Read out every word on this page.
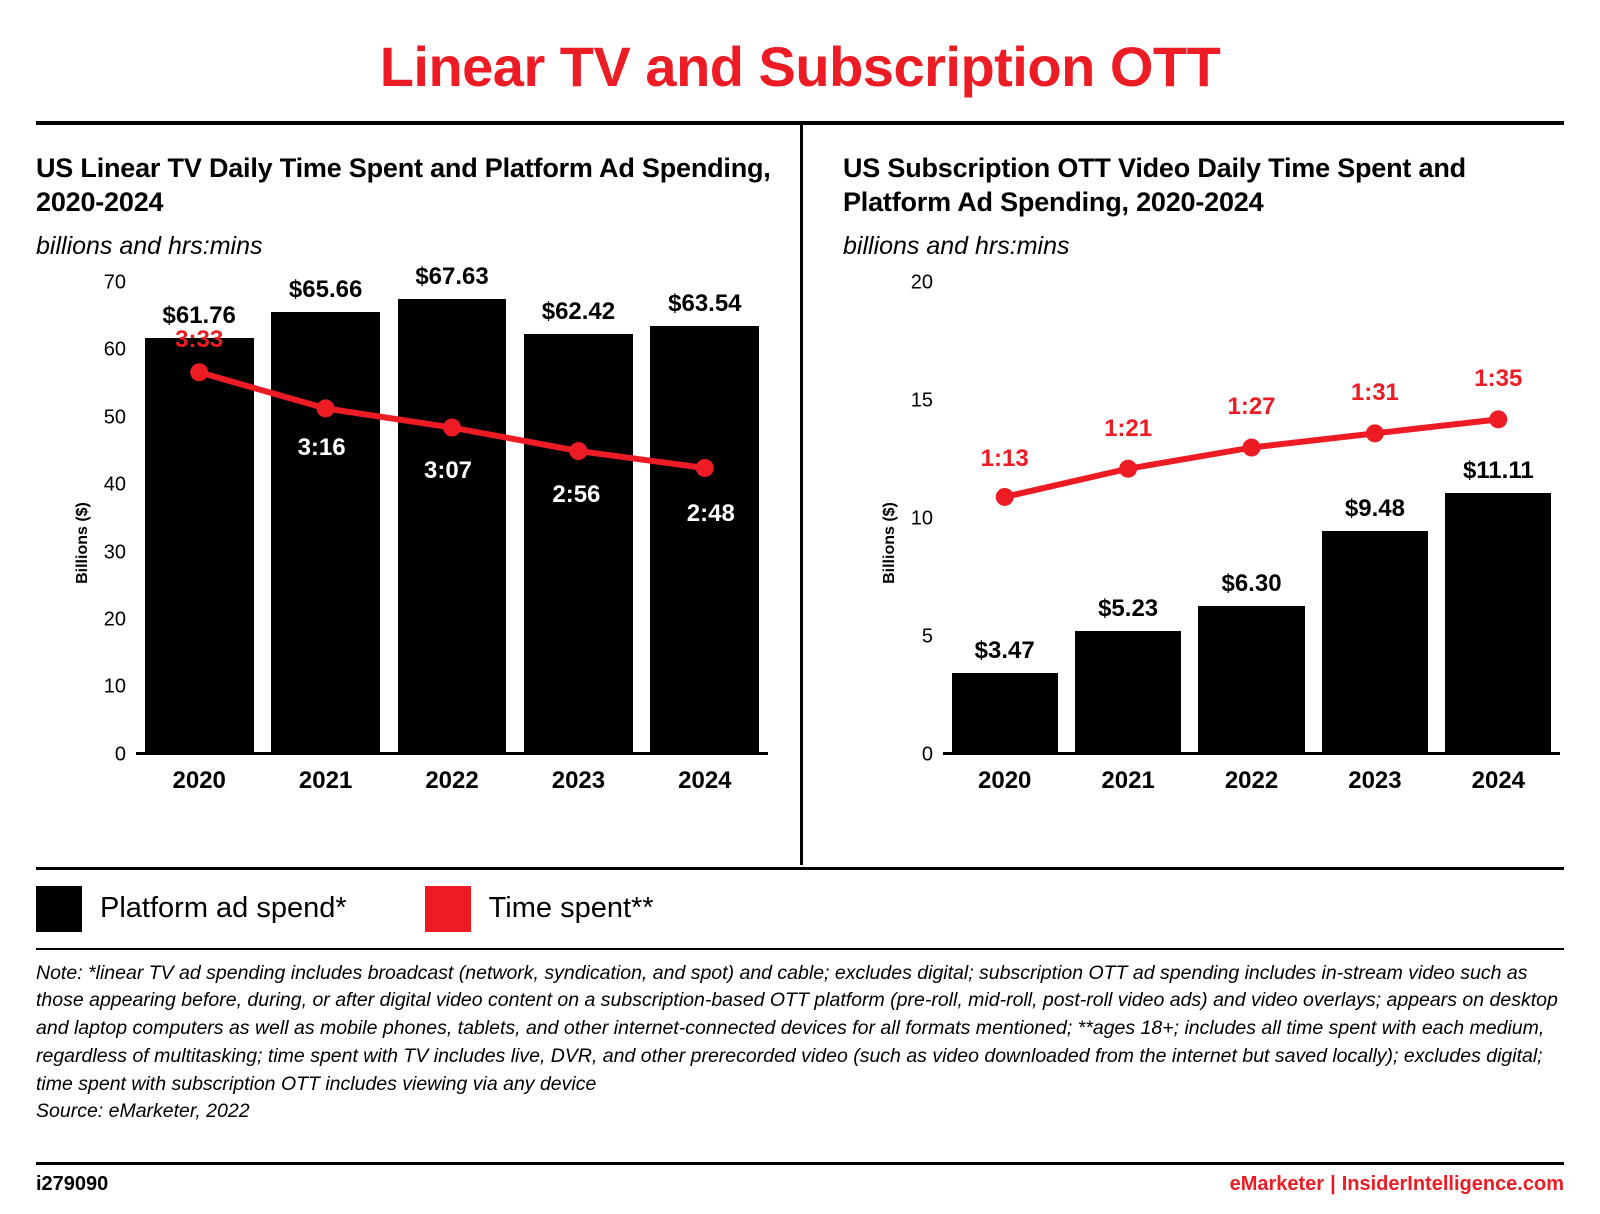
Linear TV and Subscription OTT
US Linear TV Daily Time Spent and Platform Ad Spending, 2020-2024
billions and hrs:mins
Billions ($)
0
10
20
30
40
50
60
70
$61.76
$65.66	$67.63
$62.42	$63.54
3:33
3:16
3:07
2:56
2:48
2020	2021	2022	2023	2024
US Subscription OTT Video Daily Time Spent and Platform Ad Spending, 2020-2024
billions and hrs:mins
Billions ($)
0
5
10
15
20
$3.47
$5.23
$6.30
$9.48
$11.11
1:13
1:21
1:27
1:31
1:35
2020	2021	2022	2023	2024
Platform ad spend*	Time spent**
Note: *linear TV ad spending includes broadcast (network, syndication, and spot) and cable; excludes digital; subscription OTT ad spending includes in-stream video such as those appearing before, during, or after digital video content on a subscription-based OTT platform (pre-roll, mid-roll, post-roll video ads) and video overlays; appears on desktop and laptop computers as well as mobile phones, tablets, and other internet-connected devices for all formats mentioned; **ages 18+; includes all time spent with each medium, regardless of multitasking; time spent with TV includes live, DVR, and other prerecorded video (such as video downloaded from the internet but saved locally); excludes digital; time spent with subscription OTT includes viewing via any device
Source: eMarketer, 2022
i279090	eMarketer | InsiderIntelligence.com
